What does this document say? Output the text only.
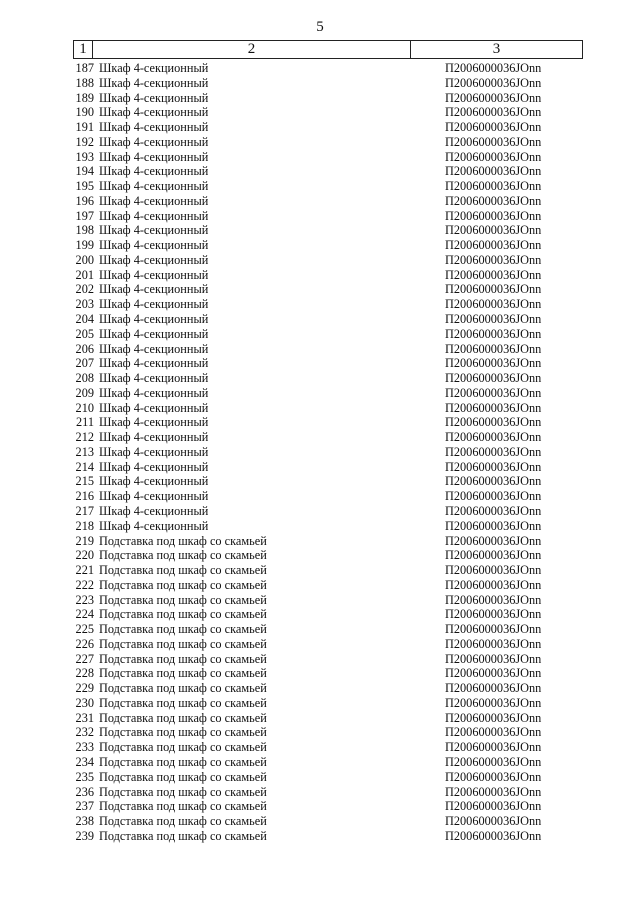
5
1	2	3
187 Шкаф 4-секционный	П2006000036JOnn
188 Шкаф 4-секционный	П2006000036JOnn
189 Шкаф 4-секционный	П2006000036JOnn
190 Шкаф 4-секционный	П2006000036JOnn
191 Шкаф 4-секционный	П2006000036JOnn
192 Шкаф 4-секционный	П2006000036JOnn
193 Шкаф 4-секционный	П2006000036JOnn
194 Шкаф 4-секционный	П2006000036JOnn
195 Шкаф 4-секционный	П2006000036JOnn
196 Шкаф 4-секционный	П2006000036JOnn
197 Шкаф 4-секционный	П2006000036JOnn
198 Шкаф 4-секционный	П2006000036JOnn
199 Шкаф 4-секционный	П2006000036JOnn
200 Шкаф 4-секционный	П2006000036JOnn
201 Шкаф 4-секционный	П2006000036JOnn
202 Шкаф 4-секционный	П2006000036JOnn
203 Шкаф 4-секционный	П2006000036JOnn
204 Шкаф 4-секционный	П2006000036JOnn
205 Шкаф 4-секционный	П2006000036JOnn
206 Шкаф 4-секционный	П2006000036JOnn
207 Шкаф 4-секционный	П2006000036JOnn
208 Шкаф 4-секционный	П2006000036JOnn
209 Шкаф 4-секционный	П2006000036JOnn
210 Шкаф 4-секционный	П2006000036JOnn
211 Шкаф 4-секционный	П2006000036JOnn
212 Шкаф 4-секционный	П2006000036JOnn
213 Шкаф 4-секционный	П2006000036JOnn
214 Шкаф 4-секционный	П2006000036JOnn
215 Шкаф 4-секционный	П2006000036JOnn
216 Шкаф 4-секционный	П2006000036JOnn
217 Шкаф 4-секционный	П2006000036JOnn
218 Шкаф 4-секционный	П2006000036JOnn
219 Подставка под шкаф со скамьей	П2006000036JOnn
220 Подставка под шкаф со скамьей	П2006000036JOnn
221 Подставка под шкаф со скамьей	П2006000036JOnn
222 Подставка под шкаф со скамьей	П2006000036JOnn
223 Подставка под шкаф со скамьей	П2006000036JOnn
224 Подставка под шкаф со скамьей	П2006000036JOnn
225 Подставка под шкаф со скамьей	П2006000036JOnn
226 Подставка под шкаф со скамьей	П2006000036JOnn
227 Подставка под шкаф со скамьей	П2006000036JOnn
228 Подставка под шкаф со скамьей	П2006000036JOnn
229 Подставка под шкаф со скамьей	П2006000036JOnn
230 Подставка под шкаф со скамьей	П2006000036JOnn
231 Подставка под шкаф со скамьей	П2006000036JOnn
232 Подставка под шкаф со скамьей	П2006000036JOnn
233 Подставка под шкаф со скамьей	П2006000036JOnn
234 Подставка под шкаф со скамьей	П2006000036JOnn
235 Подставка под шкаф со скамьей	П2006000036JOnn
236 Подставка под шкаф со скамьей	П2006000036JOnn
237 Подставка под шкаф со скамьей	П2006000036JOnn
238 Подставка под шкаф со скамьей	П2006000036JOnn
239 Подставка под шкаф со скамьей	П2006000036JOnn
